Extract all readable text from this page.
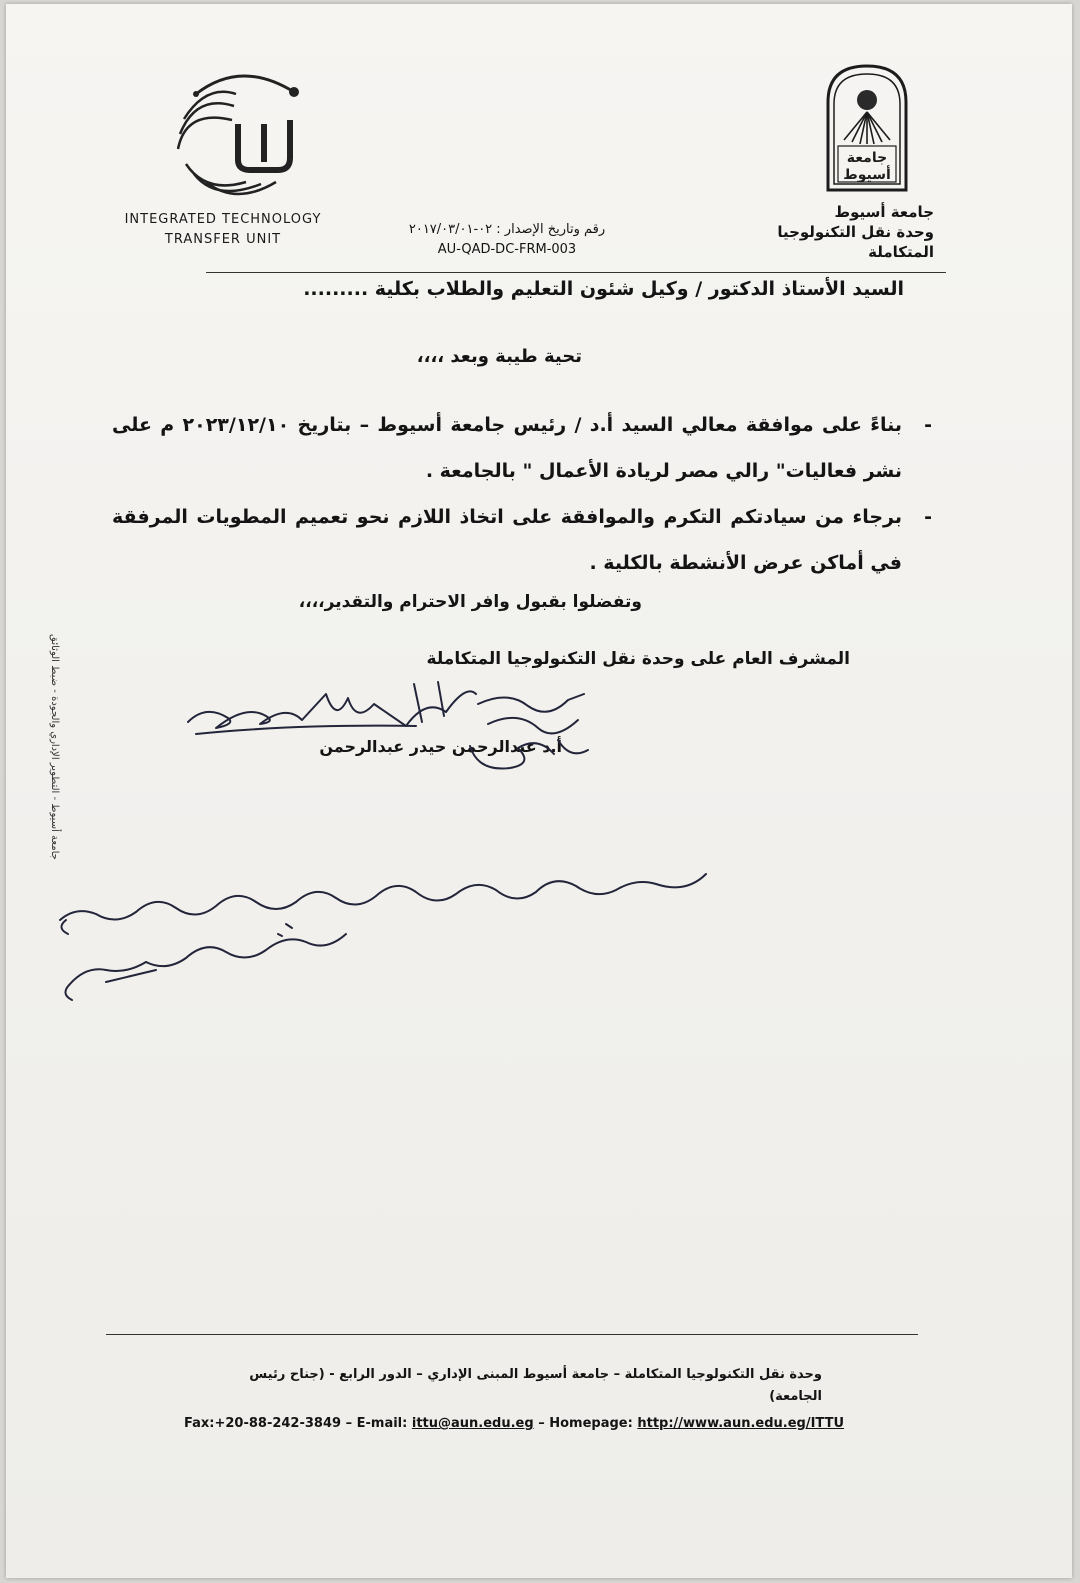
INTEGRATED TECHNOLOGY
TRANSFER UNIT
جامعة
أسيوط
جامعة أسيوط
وحدة نقل التكنولوجيا المتكاملة
رقم وتاريخ الإصدار : ٠٢-٢٠١٧/٠٣/٠١
AU-QAD-DC-FRM-003
السيد الأستاذ الدكتور / وكيل شئون التعليم والطلاب بكلية .........
تحية طيبة وبعد ،،،،
-
بناءً على موافقة معالي السيد أ.د / رئيس جامعة أسيوط – بتاريخ ٢٠٢٣/١٢/١٠ م على نشر فعاليات" رالي مصر لريادة الأعمال " بالجامعة .
-
برجاء من سيادتكم التكرم والموافقة على اتخاذ اللازم نحو تعميم المطويات المرفقة في أماكن عرض الأنشطة بالكلية .
وتفضلوا بقبول وافر الاحترام والتقدير،،،،
المشرف العام على وحدة نقل التكنولوجيا المتكاملة
أ.د عبدالرحمن حيدر عبدالرحمن
جامعة أسيوط - التطوير الإداري والجودة - ضبط الوثائق
وحدة نقل التكنولوجيا المتكاملة – جامعة أسيوط المبنى الإداري – الدور الرابع - (جناح رئيس الجامعة)
Fax:+20-88-242-3849 – E-mail: ittu@aun.edu.eg – Homepage: http://www.aun.edu.eg/ITTU
